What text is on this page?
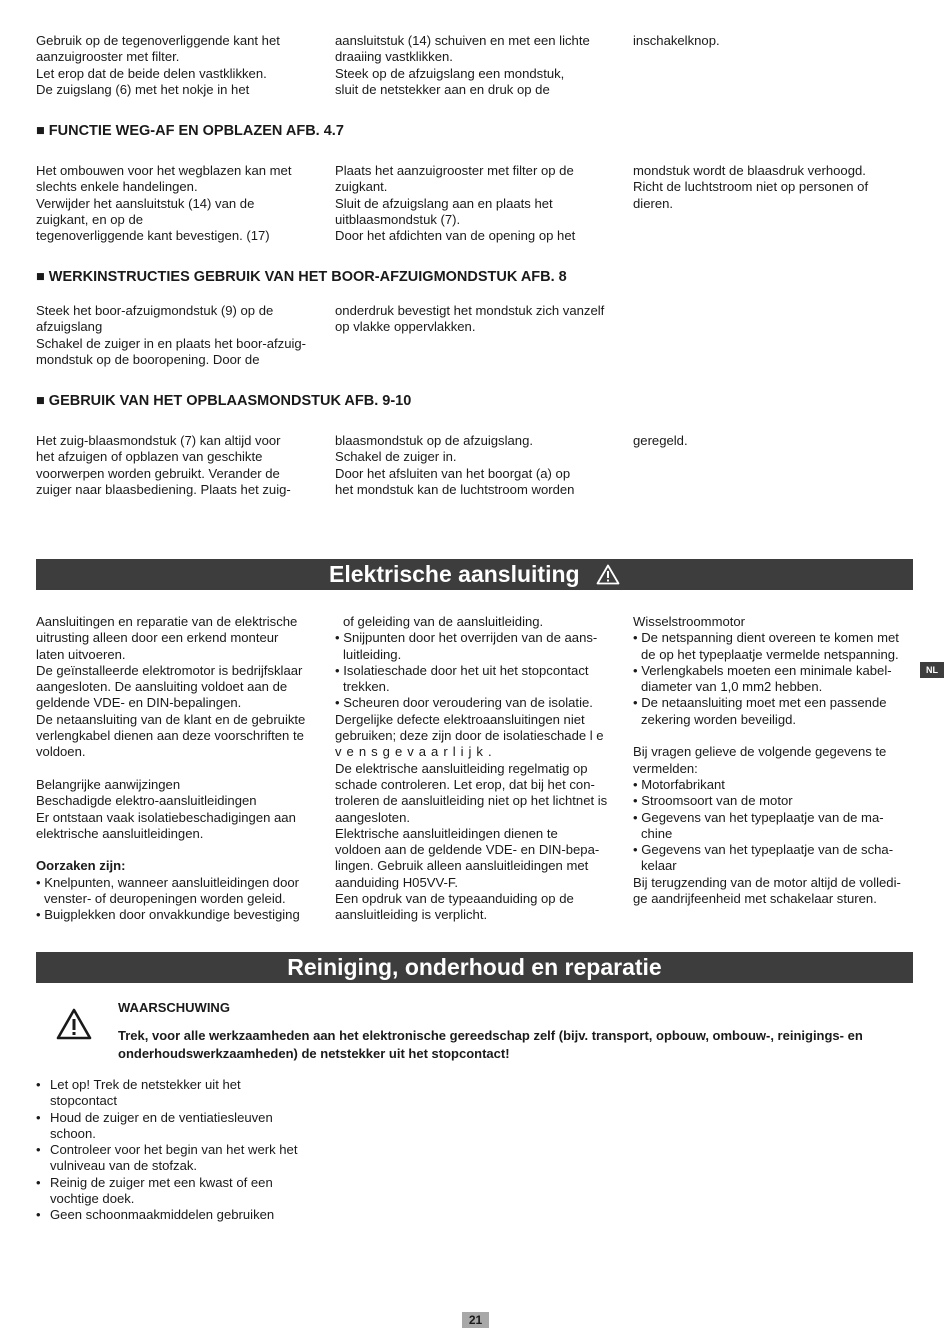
Gebruik op de tegenoverliggende kant het
aanzuigrooster met filter.
Let erop dat de beide delen vastklikken.
De zuigslang (6) met het nokje in het
aansluitstuk (14) schuiven en met een lichte
draaiing vastklikken.
Steek op de afzuigslang een mondstuk,
sluit de netstekker aan en druk op de
inschakelknop.
■ FUNCTIE WEG-AF EN OPBLAZEN AFB. 4.7
Het ombouwen voor het wegblazen kan met
slechts enkele handelingen.
Verwijder het aansluitstuk (14) van de
zuigkant, en op de
tegenoverliggende kant bevestigen. (17)
Plaats het aanzuigrooster met filter op de
zuigkant.
Sluit de afzuigslang aan en plaats het
uitblaasmondstuk (7).
Door het afdichten van de opening op het
mondstuk wordt de blaasdruk verhoogd.
Richt de luchtstroom niet op personen of
dieren.
■ WERKINSTRUCTIES GEBRUIK VAN HET BOOR-AFZUIGMONDSTUK AFB. 8
Steek het boor-afzuigmondstuk (9) op de
afzuigslang
Schakel de zuiger in en plaats het boor-afzuig-
mondstuk op de booropening. Door de
onderdruk bevestigt het mondstuk zich vanzelf
op vlakke oppervlakken.
■ GEBRUIK VAN HET OPBLAASMONDSTUK AFB. 9-10
Het zuig-blaasmondstuk (7) kan altijd voor
het afzuigen of opblazen van geschikte
voorwerpen worden gebruikt. Verander de
zuiger naar blaasbediening. Plaats het zuig-
blaasmondstuk op de afzuigslang.
Schakel de zuiger in.
Door het afsluiten van het boorgat (a) op
het mondstuk kan de luchtstroom worden
geregeld.
Elektrische aansluiting
Aansluitingen en reparatie van de elektrische
uitrusting alleen door een erkend monteur
laten uitvoeren.
De geïnstalleerde elektromotor is bedrijfsklaar
aangesloten. De aansluiting voldoet aan de
geldende VDE- en DIN-bepalingen.
De netaansluiting van de klant en de gebruikte
verlengkabel dienen aan deze voorschriften te
voldoen.

Belangrijke aanwijzingen
Beschadigde elektro-aansluitleidingen
Er ontstaan vaak isolatiebeschadigingen aan
elektrische aansluitleidingen.

Oorzaken zijn:
• Knelpunten, wanneer aansluitleidingen door
venster- of deuropeningen worden geleid.
• Buigplekken door onvakkundige bevestiging
of geleiding van de aansluitleiding.
• Snijpunten door het overrijden van de aans-
luitleiding.
• Isolatieschade door het uit het stopcontact
trekken.
• Scheuren door veroudering van de isolatie.
Dergelijke defecte elektroaansluitingen niet
gebruiken; deze zijn door de isolatieschade l e
vensgevaarlijk.
De elektrische aansluitleiding regelmatig op
schade controleren. Let erop, dat bij het con-
troleren de aansluitleiding niet op het lichtnet is
aangesloten.
Elektrische aansluitleidingen dienen te
voldoen aan de geldende VDE- en DIN-bepa-
lingen. Gebruik alleen aansluitleidingen met
aanduiding H05VV-F.
Een opdruk van de typeaanduiding op de
aansluitleiding is verplicht.
Wisselstroommotor
• De netspanning dient overeen te komen met
de op het typeplaatje vermelde netspanning.
• Verlengkabels moeten een minimale kabel-
diameter van 1,0 mm2 hebben.
• De netaansluiting moet met een passende
zekering worden beveiligd.

Bij vragen gelieve de volgende gegevens te
vermelden:
• Motorfabrikant
• Stroomsoort van de motor
• Gegevens van het typeplaatje van de ma-
chine
• Gegevens van het typeplaatje van de scha-
kelaar
Bij terugzending van de motor altijd de volledi-
ge aandrijfeenheid met schakelaar sturen.
NL
Reiniging, onderhoud en reparatie
WAARSCHUWING
Trek, voor alle werkzaamheden aan het elektronische gereedschap zelf (bijv. transport, opbouw, ombouw-, reinigings- en
onderhoudswerkzaamheden) de netstekker uit het stopcontact!
• Let op! Trek de netstekker uit het
stopcontact
• Houd de zuiger en de ventiatiesleuven
schoon.
• Controleer voor het begin van het werk het
vulniveau van de stofzak.
• Reinig de zuiger met een kwast of een
vochtige doek.
• Geen schoonmaakmiddelen gebruiken
21
